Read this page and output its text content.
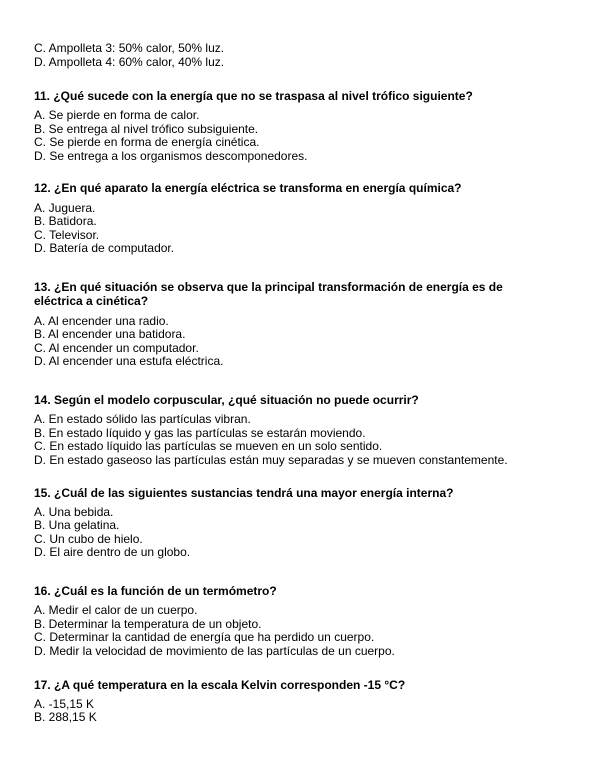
C. Ampolleta 3: 50% calor, 50% luz.
D. Ampolleta 4: 60% calor, 40% luz.
11. ¿Qué sucede con la energía que no se traspasa al nivel trófico siguiente?
A. Se pierde en forma de calor.
B. Se entrega al nivel trófico subsiguiente.
C. Se pierde en forma de energía cinética.
D. Se entrega a los organismos descomponedores.
12. ¿En qué aparato la energía eléctrica se transforma en energía química?
A. Juguera.
B. Batidora.
C. Televisor.
D. Batería de computador.
13. ¿En qué situación se observa que la principal transformación de energía es de eléctrica a cinética?
A. Al encender una radio.
B. Al encender una batidora.
C. Al encender un computador.
D. Al encender una estufa eléctrica.
14. Según el modelo corpuscular, ¿qué situación no puede ocurrir?
A. En estado sólido las partículas vibran.
B. En estado líquido y gas las partículas se estarán moviendo.
C. En estado líquido las partículas se mueven en un solo sentido.
D. En estado gaseoso las partículas están muy separadas y se mueven constantemente.
15. ¿Cuál de las siguientes sustancias tendrá una mayor energía interna?
A. Una bebida.
B. Una gelatina.
C. Un cubo de hielo.
D. El aire dentro de un globo.
16. ¿Cuál es la función de un termómetro?
A. Medir el calor de un cuerpo.
B. Determinar la temperatura de un objeto.
C. Determinar la cantidad de energía que ha perdido un cuerpo.
D. Medir la velocidad de movimiento de las partículas de un cuerpo.
17. ¿A qué temperatura en la escala Kelvin corresponden -15 °C?
A. -15,15 K
B. 288,15 K
